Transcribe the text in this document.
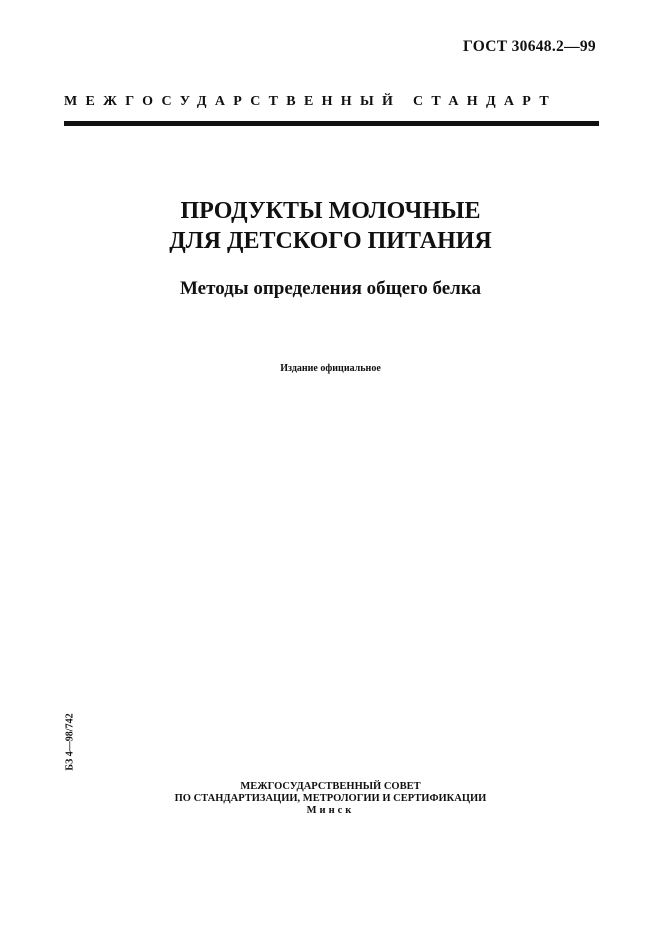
ГОСТ 30648.2—99
МЕЖГОСУДАРСТВЕННЫЙ СТАНДАРТ
ПРОДУКТЫ МОЛОЧНЫЕ
ДЛЯ ДЕТСКОГО ПИТАНИЯ
Методы определения общего белка
Издание официальное
БЗ 4—98/742
МЕЖГОСУДАРСТВЕННЫЙ СОВЕТ
ПО СТАНДАРТИЗАЦИИ, МЕТРОЛОГИИ И СЕРТИФИКАЦИИ
Минск
